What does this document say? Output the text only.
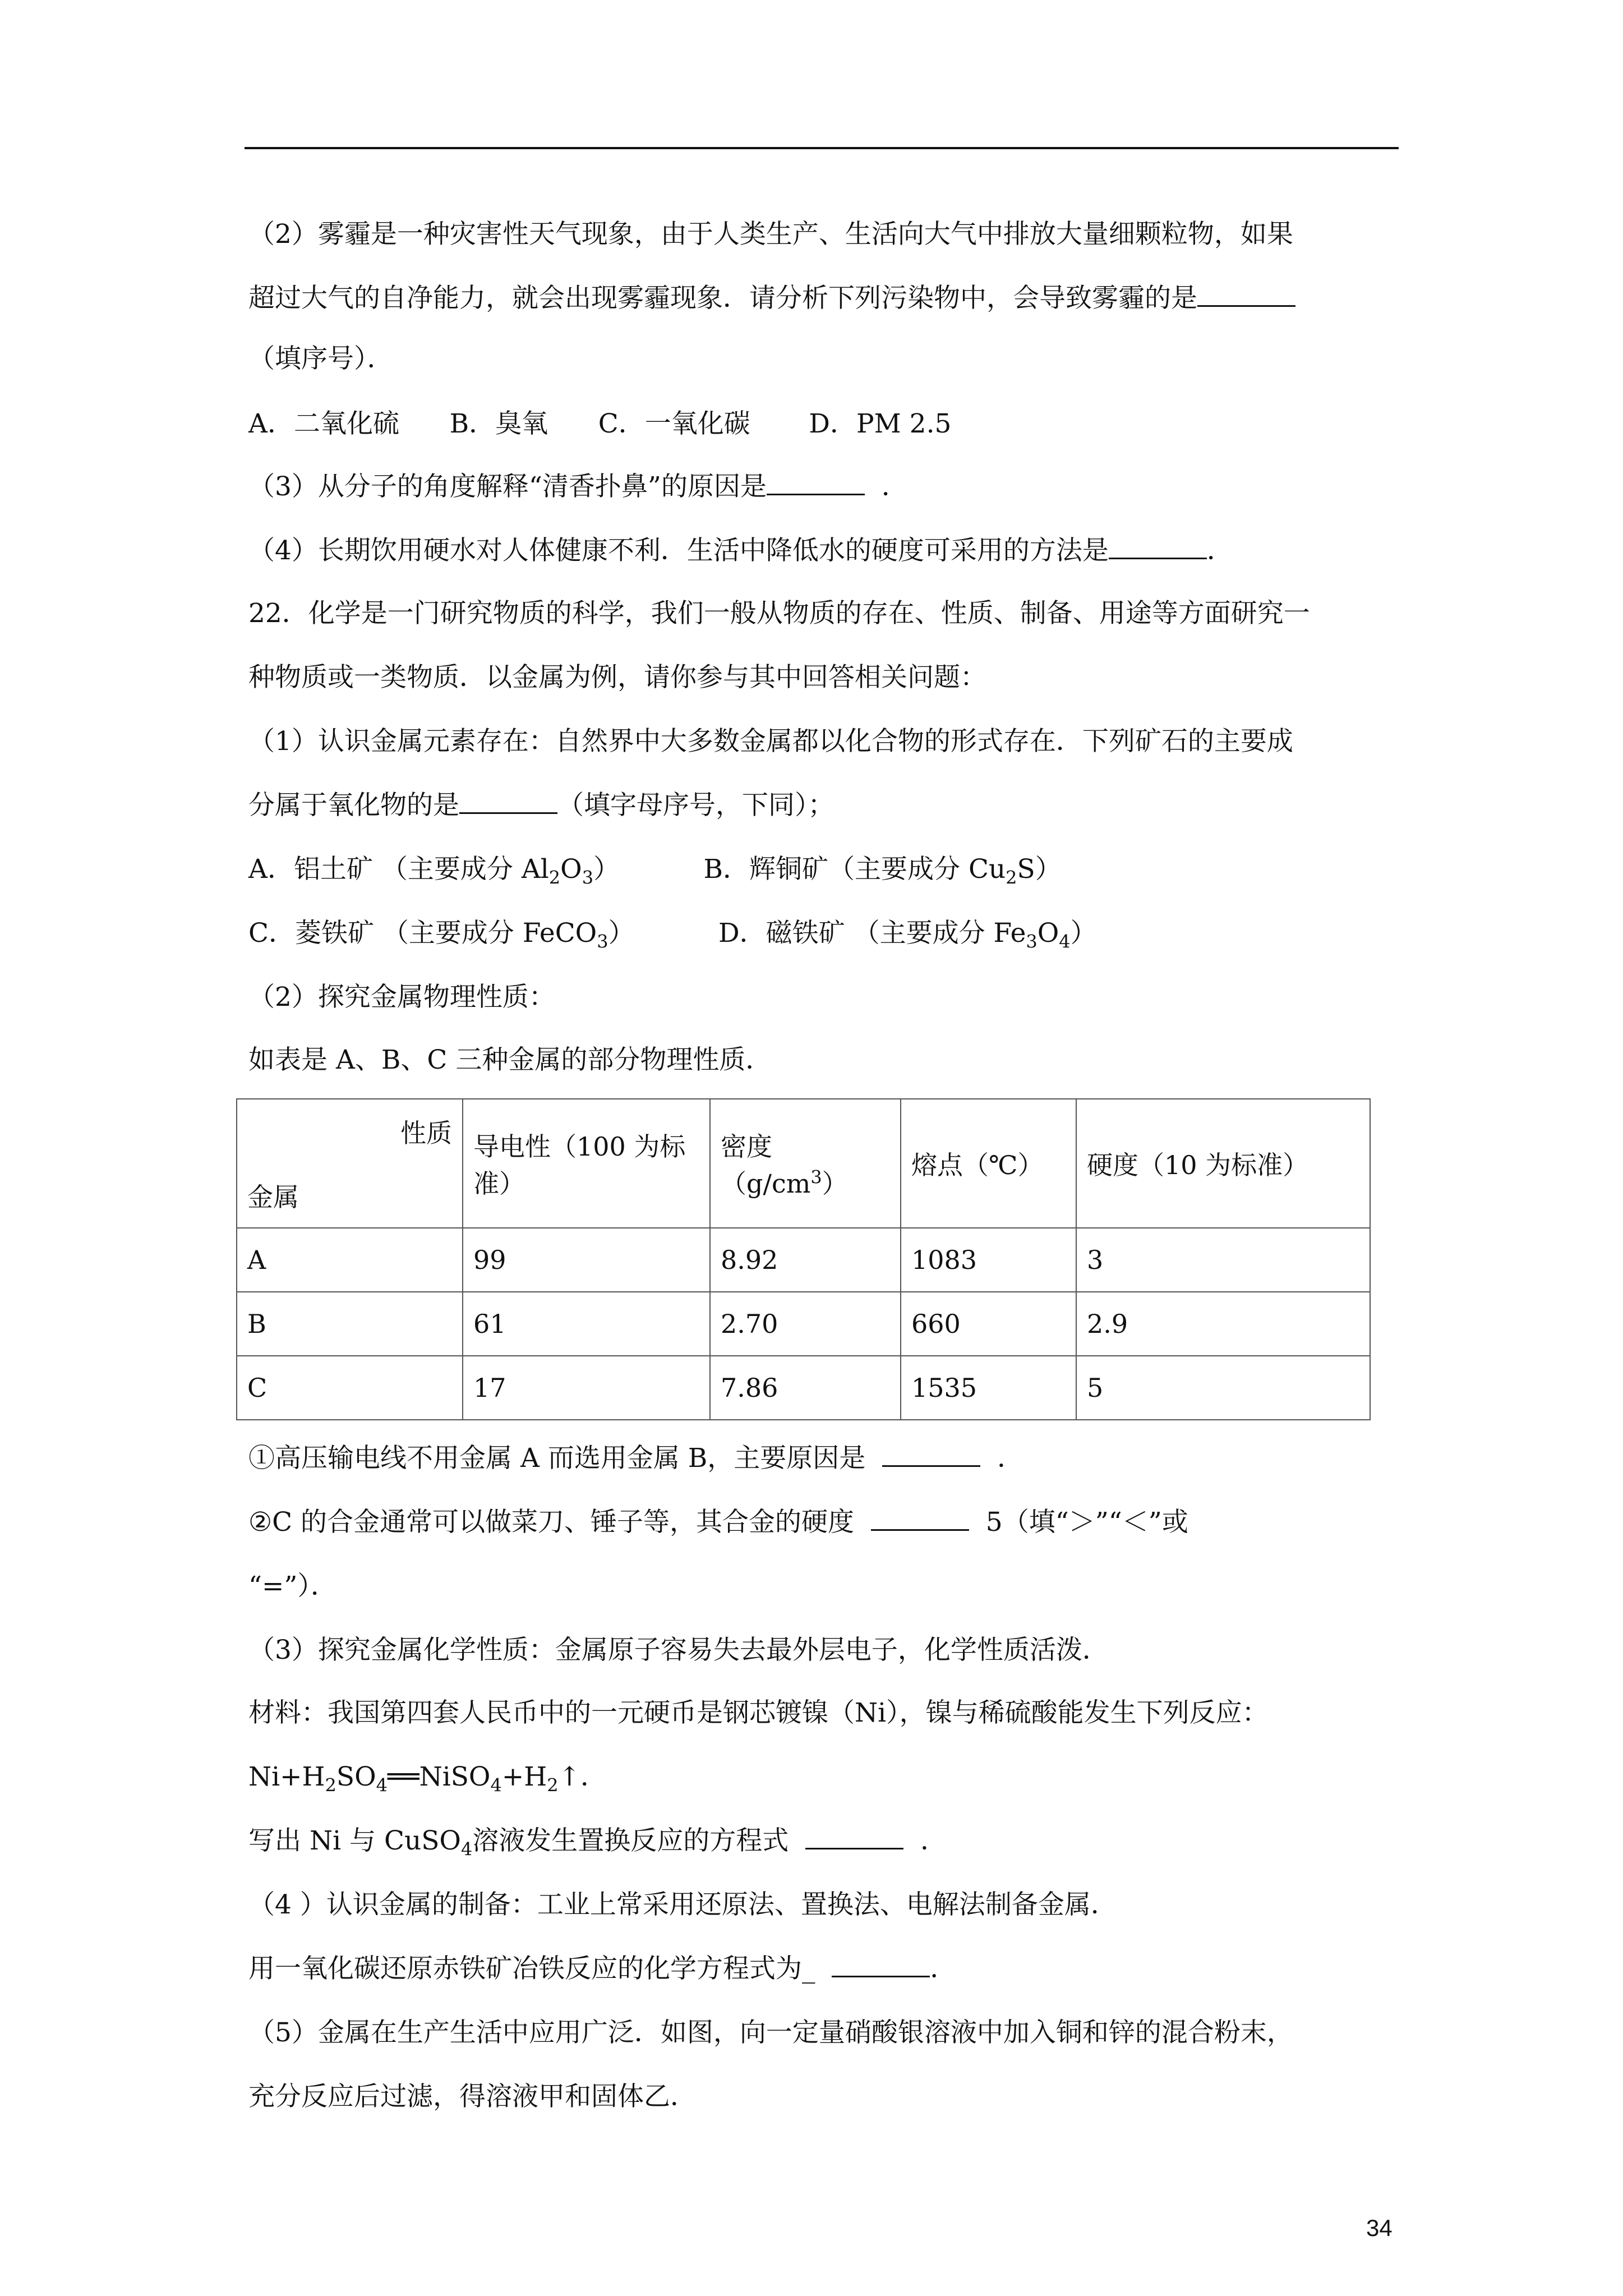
（2）雾霾是一种灾害性天气现象，由于人类生产、生活向大气中排放大量细颗粒物，如果
超过大气的自净能力，就会出现雾霾现象．请分析下列污染物中，会导致雾霾的是
（填序号）．
A．二氧化硫      B．臭氧      C．一氧化碳       D．PM 2.5
（3）从分子的角度解释“清香扑鼻”的原因是	．
（4）长期饮用硬水对人体健康不利．生活中降低水的硬度可采用的方法是	．
22．化学是一门研究物质的科学，我们一般从物质的存在、性质、制备、用途等方面研究一
种物质或一类物质．以金属为例，请你参与其中回答相关问题：
（1）认识金属元素存在：自然界中大多数金属都以化合物的形式存在．下列矿石的主要成
分属于氧化物的是	（填字母序号，下同）；
A．铝土矿 （主要成分 $Al_2O_3$）          B．辉铜矿（主要成分 $Cu_2S$）
C．菱铁矿 （主要成分 FeCO$_3$）          D．磁铁矿 （主要成分 $Fe_3O_4$）
（2）探究金属物理性质：
如表是 A、B、C 三种金属的部分物理性质．
性质
金属	导电性（100 为标准）	密度$(g/cm^3)$	熔点（℃）	硬度（10 为标准）
A	99	8.92	1083	3
B	61	2.70	660	2.9
C	17	7.86	1535	5
①高压输电线不用金属 A 而选用金属 B，主要原因是	．
②C 的合金通常可以做菜刀、锤子等，其合金的硬度	5（填“＞”“＜”或
“=”）．
（3）探究金属化学性质：金属原子容易失去最外层电子，化学性质活泼．
材料：我国第四套人民币中的一元硬币是钢芯镀镍（Ni），镍与稀硫酸能发生下列反应：
$Ni+H_2SO_4══NiSO_4+H_2↑$．
写出 Ni 与 CuSO$_4$溶液发生置换反应的方程式	．
（4 ）认识金属的制备：工业上常采用还原法、置换法、电解法制备金属．
用一氧化碳还原赤铁矿冶铁反应的化学方程式为_	．
（5）金属在生产生活中应用广泛．如图，向一定量硝酸银溶液中加入铜和锌的混合粉末，
充分反应后过滤，得溶液甲和固体乙．
34
